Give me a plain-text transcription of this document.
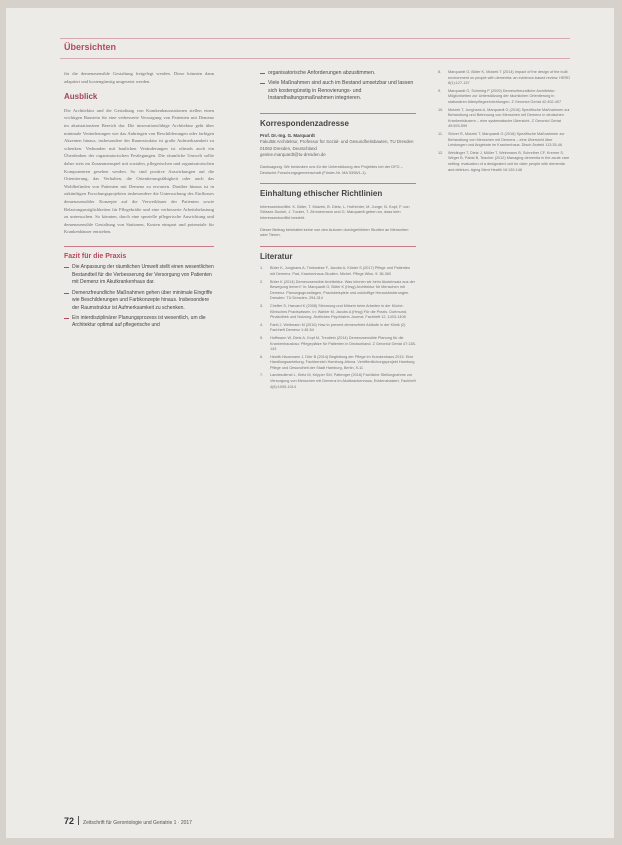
Übersichten

für die demenzsensible Gestaltung freigelegt werden. Diese könnten dann adaptiert und kostengünstig umgesetzt werden.

Ausblick

Die Architektur und die Gestaltung von Krankenhausstationen stellen einen wichtigen Baustein für eine verbesserte Versorgung von Patienten mit Demenz im akutstationären Bereich dar. Die innovationsfähige Architektur geht über minimale Veränderungen wie das Anbringen von Beschilderungen oder farbigen Akzenten hinaus, insbesondere der Raumstruktur ist große Aufmerksamkeit zu schenken. Verbunden mit baulichen Veränderungen ist oftmals auch ein Überdenken der organisatorischen Festlegungen. Die räumliche Umwelt sollte daher stets im Zusammenspiel mit sozialen, pflegerischen und organisatorischen Komponenten gesehen werden. So sind positive Auswirkungen auf die Orientierung, das Verhalten, die Orientierungsfähigkeit oder auch das Wohlbefinden von Patienten mit Demenz zu erwarten. Darüber hinaus ist in zukünftigen Forschungsprojekten insbesondere die Untersuchung des Einflusses demenzsensibler Konzepte auf die Verweildauer der Patienten sowie Belastungsmöglichkeiten für Pflegekräfte und eine verbesserte Arbeitsbelastung zu untersuchen. So könnten, durch eine spezielle pflegerische Ausrichtung und demenzsensible Gestaltung von Stationen, Kosten einspart und potenziale für Krankenhäuser entstehen.

Fazit für die Praxis
Die Anpassung der räumlichen Umwelt stellt einen wesentlichen Bestandteil für die Verbesserung der Versorgung von Patienten mit Demenz im Akutkrankenhaus dar.
Demenzfreundliche Maßnahmen gehen über minimale Eingriffe wie Beschilderungen und Farbkonzepte hinaus. Insbesondere der Raumstruktur ist Aufmerksamkeit zu schenken.
Ein interdisziplinärer Planungsprozess ist wesentlich, um die Architektur optimal auf pflegerische und
organisatorische Anforderungen abzustimmen.
Viele Maßnahmen sind auch im Bestand umsetzbar und lassen sich kostengünstig in Renovierungs- und Instandhaltungsmaßnahmen integrieren.
Korrespondenzadresse
Prof. Dr.-Ing. G. Marquardt
Fakultät Architektur, Professur für Sozial- und Gesundheitsbauten, TU Dresden
01062 Dresden, Deutschland
gesine.marquardt@tu-dresden.de
Danksagung. Wir bedanken uns für die Unterstützung des Projektes bei der DFG – Deutsche Forschungsgemeinschaft (Förder-Nr. MA 5398/1-1).
Einhaltung ethischer Richtlinien
Interessenkonflikt. K. Büter, T. Motzek, B. Dietz, L. Hofrichter, M. Junge, B. Kopf, F. von Stösser-Suckel, J. Tucker, T. Zimmermann und G. Marquardt geben an, dass kein Interessenkonflikt besteht.
Dieser Beitrag beinhaltet keine von den Autoren durchgeführten Studien an Menschen oder Tieren.
Literatur
1. Büter K, Junghans A, Trinkwiese F, Jacobs A, Köster S (2017) Pflege und Patienten mit Demenz. Pad, Krankenhaus-Studien. Michel. Pflege Wiss. 9: 36-360
2. Büter K (2014) Demenzsensible Architektur. Was können wir beim Akuteinsatz aus der Bewegung lernen? In: Marquardt G, Büter K (Hrsg) Architektur für Menschen mit Demenz. Planungsgrundlagen, Praxisbeispiele und zukünftige Herausforderungen. Dresden: TU Dresden, 294-314
3. Cheffer S, Harvard K (2008) Stimmung und Mitsein beim Arbeiten in der Küche: Klinisches Praxiswissen. In: Wahler M, Jacobs A (Hrsg) Für die Praxis. Dortmund, Pinakothek und Nutzung. Ärztliches Psychiatrie-Journal. Fachheft 12, 1403-1408
4. Fantl J, Weltmann M (2016) How to prevent demenzfreie Abläufe in der Klinik (2) Fachheft Demenz 1:45-54
5. Hoffmann W, Dietz A, Kopf M, Treutlein (2014) Demenzsensible Planung für die Krankenhausbau: Pflegeplätze für Patienten in Deutschland. Z Gerontol Geriat 47:138-143
6. Hewitt-Hausmann J, Dürr B (2014) Begleitung der Pflege im Krankenhaus 2015. Eine Handlungsanleitung. Fachbereich Hamburg-Altona. Veröffentlichungsprojekt Hamburg Pflege und Gesundheit der Stadt Hamburg, Berlin, 9-11
7. Landesdienst L, Kietz M, Kripper SM, Pattenger (2016) Fachliche Stellungnahme zur Versorgung von Menschen mit Demenz im Akutkrankenhaus, Evidenzbasiert. Fachheft 4(8):1005-1014
8. Marquardt G, Büter K, Motzek T (2014) Impact of the design of the built environment on people with dementia: an evidence-based review. HERD 8(1):127-157
9. Marquardt G, Schmieg P (2009) Demenzfreundliche Architektur: Möglichkeiten zur Unterstützung der räumlichen Orientierung in stationären Altenpflegeeinrichtungen. Z Gerontol Geriat 42:402-407
10. Motzek T, Junghans A, Marquardt G (2016) Spezifische Maßnahmen zur Behandlung und Betreuung von Menschen mit Demenz in deutschen Krankenhäusern – eine systematische Übersicht. Z Gerontol Geriat 49:593-599
11. Stöver R, Motzek T, Marquardt G (2016) Spezifische Maßnahmen zur Behandlung von Menschen mit Demenz – eine Übersicht über Leistungen und Angebote im Krankenhaus. Dtsch Ärztebl 113:35-46
12. Weidinger T, Dietz J, Müller T, Weinmann B, Schreiber CF, Kremer S, Weger B, Pabst B, Teacher (2012) Managing dementia in the acute care setting: evaluation of a designated unit for older people with dementia and delirium. Aging Ment Health 16:139-146
72 Zeitschrift für Gerontologie und Geriatrie 1 · 2017
